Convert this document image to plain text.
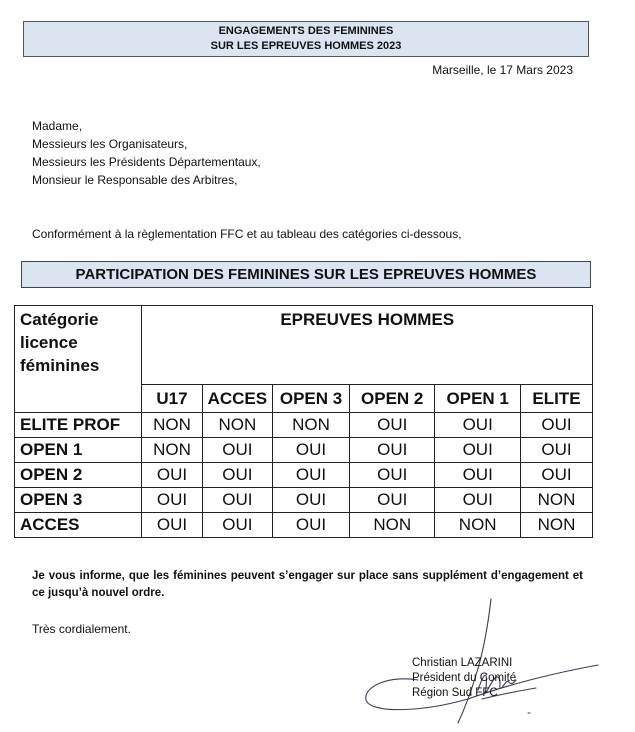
ENGAGEMENTS DES FEMININES
SUR LES EPREUVES HOMMES 2023
Marseille, le 17 Mars 2023
Madame,
Messieurs les Organisateurs,
Messieurs les Présidents Départementaux,
Monsieur le Responsable des Arbitres,
Conformément à la règlementation FFC et au tableau des catégories ci-dessous,
PARTICIPATION DES FEMININES SUR LES EPREUVES HOMMES
Catégorie
licence
féminines	EPREUVES HOMMES					
	U17	ACCES	OPEN 3	OPEN 2	OPEN 1	ELITE
ELITE PROF	NON	NON	NON	OUI	OUI	OUI
OPEN 1	NON	OUI	OUI	OUI	OUI	OUI
OPEN 2	OUI	OUI	OUI	OUI	OUI	OUI
OPEN 3	OUI	OUI	OUI	OUI	OUI	NON
ACCES	OUI	OUI	OUI	NON	NON	NON
Je vous informe, que les féminines peuvent s’engager sur place sans supplément d’engagement et ce jusqu’à nouvel ordre.
Très cordialement.
Christian LAZARINI
Président du Comité
Région Sud FFC
